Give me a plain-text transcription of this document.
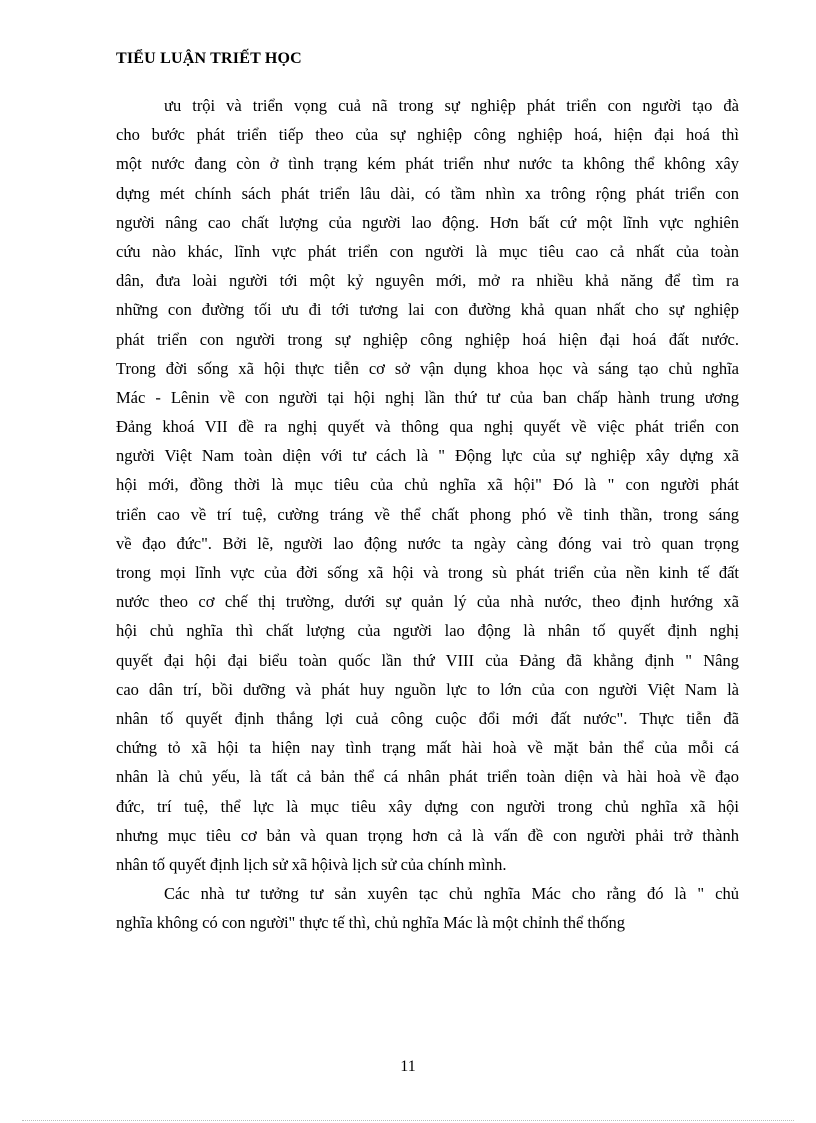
TIỂU LUẬN TRIẾT HỌC
ưu trội và triển vọng cuả nã trong sự nghiệp phát triển con người tạo đà
cho bước phát triển tiếp theo của sự nghiệp công nghiệp hoá, hiện đại hoá thì
một nước đang còn ở tình trạng kém phát triển như nước ta không thể không xây
dựng mét chính sách phát triển lâu dài, có tầm nhìn xa trông rộng phát triển con
người nâng cao chất lượng của người lao động. Hơn bất cứ một lĩnh vực nghiên
cứu nào khác, lĩnh vực phát triển con người là mục tiêu cao cả nhất của toàn
dân, đưa loài người tới một kỷ nguyên mới, mở ra nhiều khả năng để tìm ra
những con đường tối ưu đi tới tương lai con đường khả quan nhất cho sự nghiệp
phát triển con người trong sự nghiệp công nghiệp hoá hiện đại hoá đất nước.
Trong đời sống xã hội thực tiễn cơ sở vận dụng khoa học và sáng tạo chủ nghĩa
Mác - Lênin về con người tại hội nghị lần thứ tư của ban chấp hành trung ương
Đảng khoá VII đề ra nghị quyết và thông qua nghị quyết về việc phát triển con
người Việt Nam toàn diện với tư cách là " Động lực của sự nghiệp xây dựng xã
hội mới, đồng thời là mục tiêu của chủ nghĩa xã hội" Đó là " con người phát
triển cao về trí tuệ, cường tráng về thể chất phong phó về tinh thần, trong sáng
về đạo đức". Bởi lẽ, người lao động nước ta ngày càng đóng vai trò quan trọng
trong mọi lĩnh vực của đời sống xã hội và trong sù phát triển của nền kinh tế đất
nước theo cơ chế thị trường, dưới sự quản lý của nhà nước, theo định hướng xã
hội chủ nghĩa thì chất lượng của người lao động là nhân tố quyết định nghị
quyết đại hội đại biểu toàn quốc lần thứ VIII của Đảng đã khẳng định " Nâng
cao dân trí, bồi dưỡng và phát huy nguồn lực to lớn của con người Việt Nam là
nhân tố quyết định thắng lợi cuả công cuộc đổi mới đất nước". Thực tiễn đã
chứng tỏ xã hội ta hiện nay tình trạng mất hài hoà về mặt bản thể của mỗi cá
nhân là chủ yếu, là tất cả bản thể cá nhân phát triển toàn diện và hài hoà về đạo
đức, trí tuệ, thể lực là mục tiêu xây dựng con người trong chủ nghĩa xã hội
nhưng mục tiêu cơ bản và quan trọng hơn cả là vấn đề con người phải trở thành
nhân tố quyết định lịch sử xã hộivà lịch sử của chính mình.
Các nhà tư tưởng tư sản xuyên tạc chủ nghĩa Mác cho rằng đó là " chủ
nghĩa không có con người" thực tế thì, chủ nghĩa Mác là một chỉnh thể thống
11
